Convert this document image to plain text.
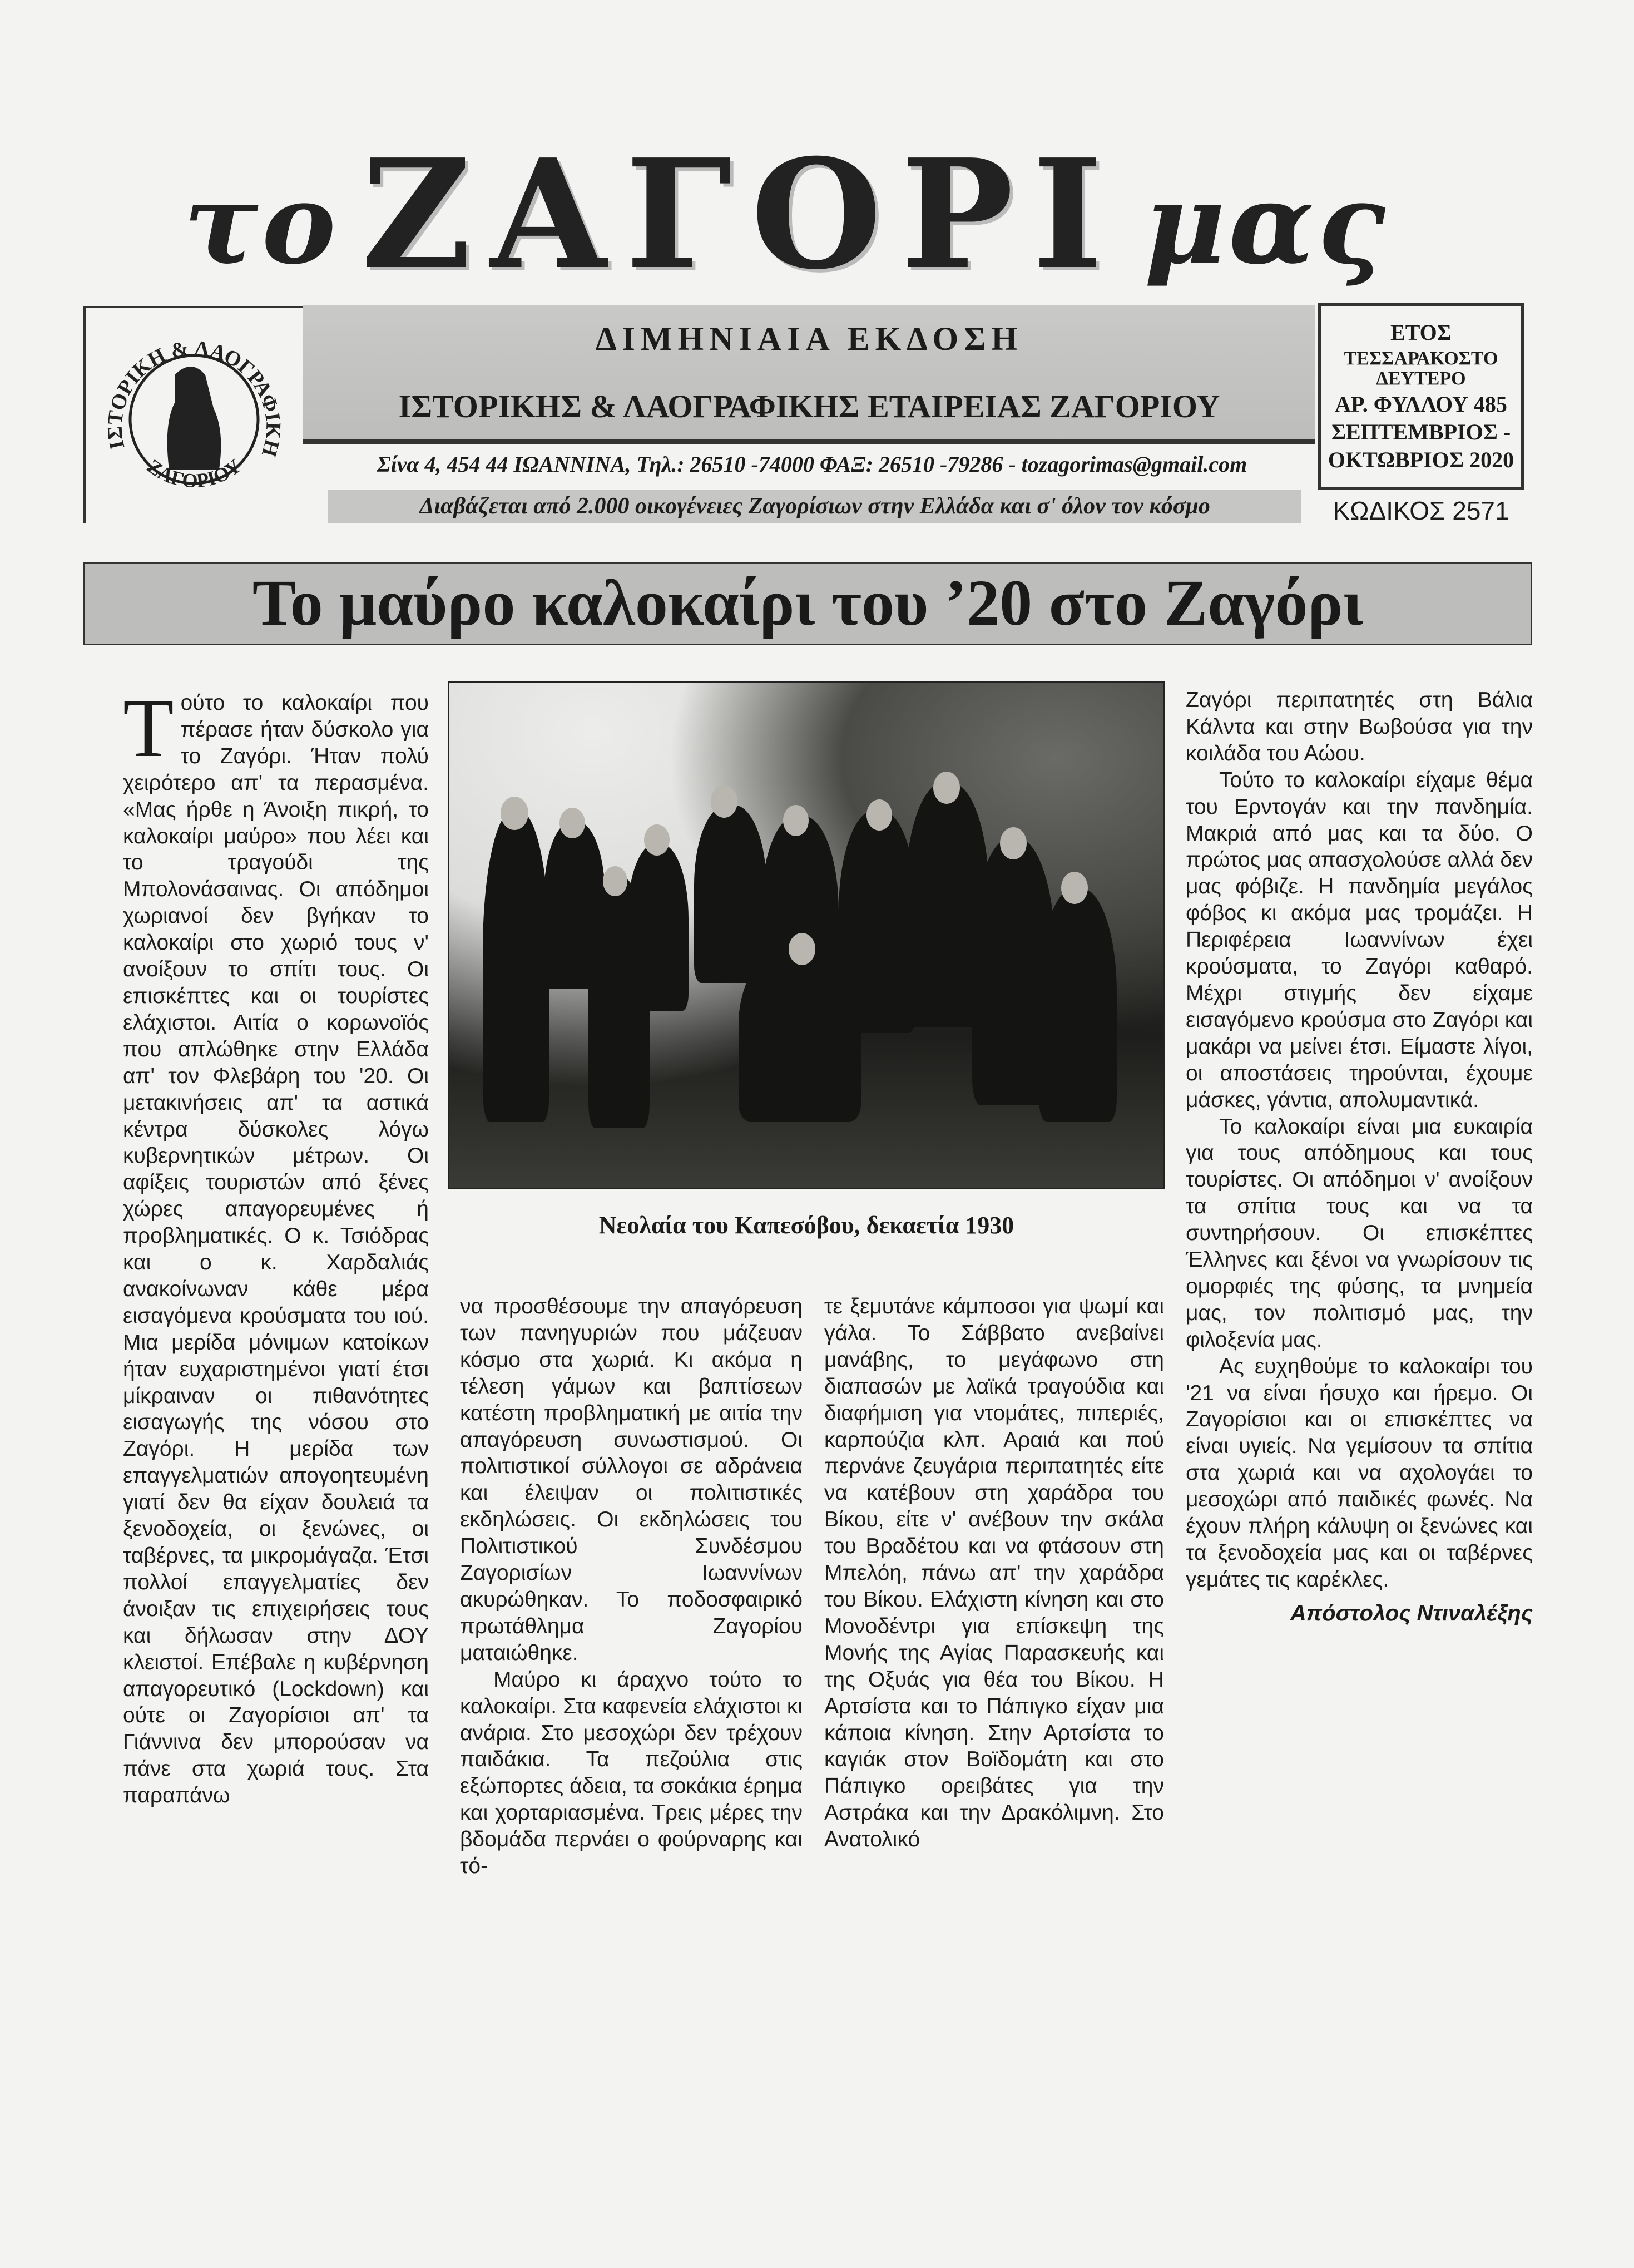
το ΖΑΓΟΡΙ μας
ΙΣΤΟΡΙΚΗ & ΛΑΟΓΡΑΦΙΚΗ
ΖΑΓΟΡΙΟΥ
ΔΙΜΗΝΙΑΙΑ ΕΚΔΟΣΗ
ΙΣΤΟΡΙΚΗΣ & ΛΑΟΓΡΑΦΙΚΗΣ ΕΤΑΙΡΕΙΑΣ ΖΑΓΟΡΙΟΥ
Σίνα 4, 454 44 ΙΩΑΝΝΙΝΑ, Τηλ.: 26510 -74000 ΦΑΞ: 26510 -79286 - tozagorimas@gmail.com
Διαβάζεται από 2.000 οικογένειες Ζαγορίσιων στην Ελλάδα και σ' όλον τον κόσμο
ΕΤΟΣ
ΤΕΣΣΑΡΑΚΟΣΤΟ ΔΕΥΤΕΡΟ
ΑΡ. ΦΥΛΛΟΥ 485
ΣΕΠΤΕΜΒΡΙΟΣ -
ΟΚΤΩΒΡΙΟΣ 2020
ΚΩΔΙΚΟΣ 2571
Το μαύρο καλοκαίρι του ’20 στο Ζαγόρι

Τούτο το καλοκαίρι που πέρασε ήταν δύσκολο για το Ζαγόρι. Ήταν πολύ χειρότερο απ' τα περασμένα. «Μας ήρθε η Άνοιξη πικρή, το καλοκαίρι μαύρο» που λέει και το τραγούδι της Μπολονάσαινας. Οι απόδημοι χωριανοί δεν βγήκαν το καλοκαίρι στο χωριό τους ν' ανοίξουν το σπίτι τους. Οι επισκέπτες και οι τουρίστες ελάχιστοι. Αιτία ο κορωνοϊός που απλώθηκε στην Ελλάδα απ' τον Φλεβάρη του '20. Οι μετακινήσεις απ' τα αστικά κέντρα δύσκολες λόγω κυβερνητικών μέτρων. Οι αφίξεις τουριστών από ξένες χώρες απαγορευμένες ή προβληματικές. Ο κ. Τσιόδρας και ο κ. Χαρδαλιάς ανακοίνωναν κάθε μέρα εισαγόμενα κρούσματα του ιού. Μια μερίδα μόνιμων κατοίκων ήταν ευχαριστημένοι γιατί έτσι μίκραιναν οι πιθανότητες εισαγωγής της νόσου στο Ζαγόρι. Η μερίδα των επαγγελματιών απογοητευμένη γιατί δεν θα είχαν δουλειά τα ξενοδοχεία, οι ξενώνες, οι ταβέρνες, τα μικρομάγαζα. Έτσι πολλοί επαγγελματίες δεν άνοιξαν τις επιχειρήσεις τους και δήλωσαν στην ΔΟΥ κλειστοί. Επέβαλε η κυβέρνηση απαγορευτικό (Lockdown) και ούτε οι Ζαγορίσιοι απ' τα Γιάννινα δεν μπορούσαν να πάνε στα χωριά τους. Στα παραπάνω

Νεολαία του Καπεσόβου, δεκαετία 1930

να προσθέσουμε την απαγόρευση των πανηγυριών που μάζευαν κόσμο στα χωριά. Κι ακόμα η τέλεση γάμων και βαπτίσεων κατέστη προβληματική με αιτία την απαγόρευση συνωστισμού. Οι πολιτιστικοί σύλλογοι σε αδράνεια και έλειψαν οι πολιτιστικές εκδηλώσεις. Οι εκδηλώσεις του Πολιτιστικού Συνδέσμου Ζαγορισίων Ιωαννίνων ακυρώθηκαν. Το ποδοσφαιρικό πρωτάθλημα Ζαγορίου ματαιώθηκε.

Μαύρο κι άραχνο τούτο το καλοκαίρι. Στα καφενεία ελάχιστοι κι ανάρια. Στο μεσοχώρι δεν τρέχουν παιδάκια. Τα πεζούλια στις εξώπορτες άδεια, τα σοκάκια έρημα και χορταριασμένα. Τρεις μέρες την βδομάδα περνάει ο φούρναρης και τό-

τε ξεμυτάνε κάμποσοι για ψωμί και γάλα. Το Σάββατο ανεβαίνει μανάβης, το μεγάφωνο στη διαπασών με λαϊκά τραγούδια και διαφήμιση για ντομάτες, πιπεριές, καρπούζια κλπ. Αραιά και πού περνάνε ζευγάρια περιπατητές είτε να κατέβουν στη χαράδρα του Βίκου, είτε ν' ανέβουν την σκάλα του Βραδέτου και να φτάσουν στη Μπελόη, πάνω απ' την χαράδρα του Βίκου. Ελάχιστη κίνηση και στο Μονοδέντρι για επίσκεψη της Μονής της Αγίας Παρασκευής και της Οξυάς για θέα του Βίκου. Η Αρτσίστα και το Πάπιγκο είχαν μια κάποια κίνηση. Στην Αρτσίστα το καγιάκ στον Βοϊδομάτη και στο Πάπιγκο ορειβάτες για την Αστράκα και την Δρακόλιμνη. Στο Ανατολικό

Ζαγόρι περιπατητές στη Βάλια Κάλντα και στην Βωβούσα για την κοιλάδα του Αώου.

Τούτο το καλοκαίρι είχαμε θέμα του Ερντογάν και την πανδημία. Μακριά από μας και τα δύο. Ο πρώτος μας απασχολούσε αλλά δεν μας φόβιζε. Η πανδημία μεγάλος φόβος κι ακόμα μας τρομάζει. Η Περιφέρεια Ιωαννίνων έχει κρούσματα, το Ζαγόρι καθαρό. Μέχρι στιγμής δεν είχαμε εισαγόμενο κρούσμα στο Ζαγόρι και μακάρι να μείνει έτσι. Είμαστε λίγοι, οι αποστάσεις τηρούνται, έχουμε μάσκες, γάντια, απολυμαντικά.

Το καλοκαίρι είναι μια ευκαιρία για τους απόδημους και τους τουρίστες. Οι απόδημοι ν' ανοίξουν τα σπίτια τους και να τα συντηρήσουν. Οι επισκέπτες Έλληνες και ξένοι να γνωρίσουν τις ομορφιές της φύσης, τα μνημεία μας, τον πολιτισμό μας, την φιλοξενία μας.

Ας ευχηθούμε το καλοκαίρι του '21 να είναι ήσυχο και ήρεμο. Οι Ζαγορίσιοι και οι επισκέπτες να είναι υγιείς. Να γεμίσουν τα σπίτια στα χωριά και να αχολογάει το μεσοχώρι από παιδικές φωνές. Να έχουν πλήρη κάλυψη οι ξενώνες και τα ξενοδοχεία μας και οι ταβέρνες γεμάτες τις καρέκλες.

Απόστολος Ντιναλέξης
